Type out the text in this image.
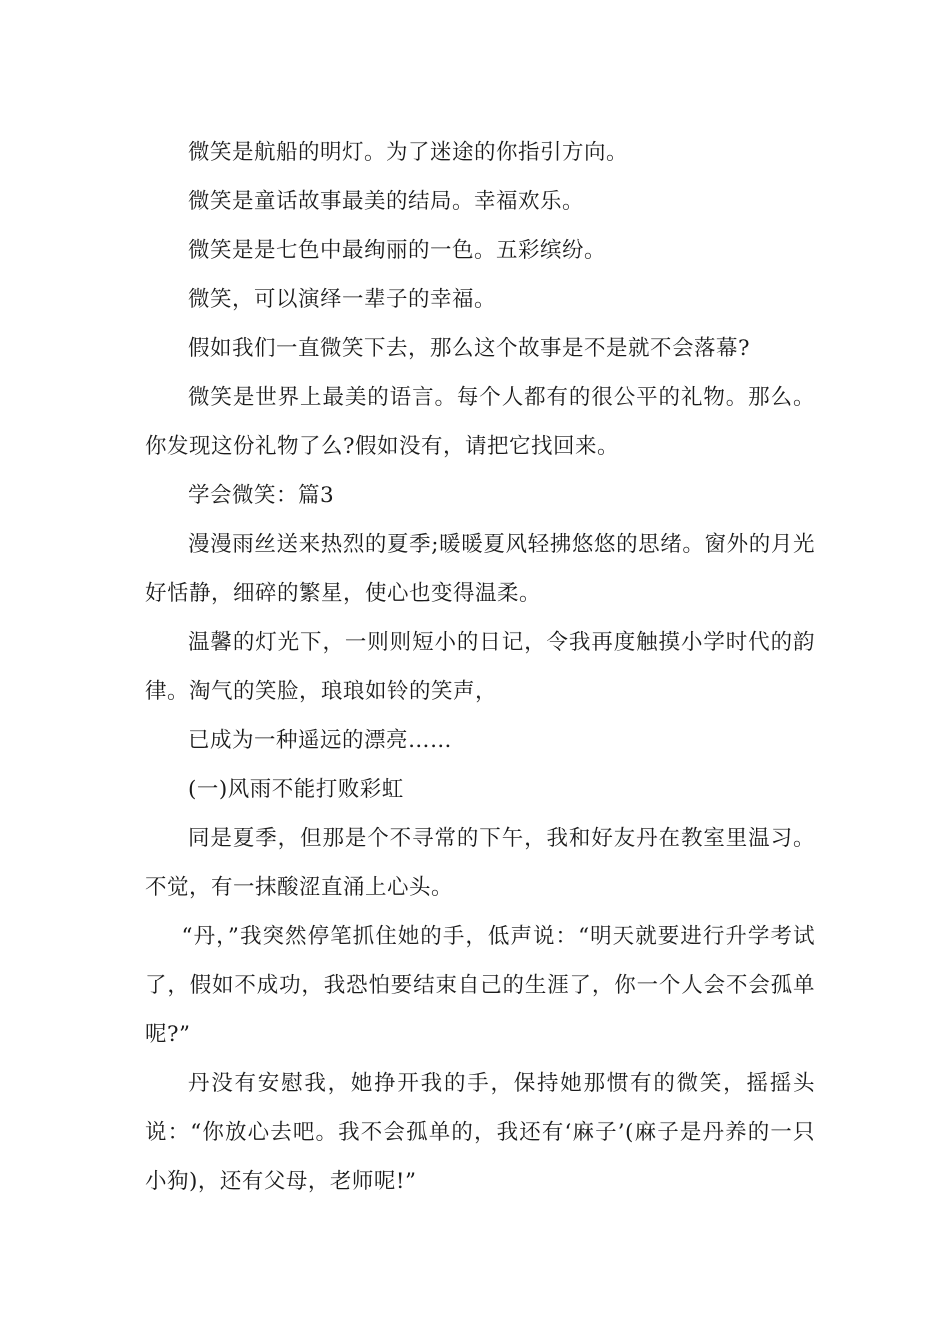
微笑是航船的明灯。为了迷途的你指引方向。

微笑是童话故事最美的结局。幸福欢乐。

微笑是是七色中最绚丽的一色。五彩缤纷。

微笑，可以演绎一辈子的幸福。

假如我们一直微笑下去，那么这个故事是不是就不会落幕?

微笑是世界上最美的语言。每个人都有的很公平的礼物。那么。你发现这份礼物了么?假如没有，请把它找回来。

学会微笑：篇3

漫漫雨丝送来热烈的夏季;暖暖夏风轻拂悠悠的思绪。窗外的月光好恬静，细碎的繁星，使心也变得温柔。

温馨的灯光下，一则则短小的日记，令我再度触摸小学时代的韵律。淘气的笑脸，琅琅如铃的笑声，

已成为一种遥远的漂亮……

(一)风雨不能打败彩虹

同是夏季，但那是个不寻常的下午，我和好友丹在教室里温习。不觉，有一抹酸涩直涌上心头。

“丹，”我突然停笔抓住她的手，低声说：“明天就要进行升学考试了，假如不成功，我恐怕要结束自己的生涯了，你一个人会不会孤单呢?”

丹没有安慰我，她挣开我的手，保持她那惯有的微笑，摇摇头说：“你放心去吧。我不会孤单的，我还有‘麻子’(麻子是丹养的一只小狗)，还有父母，老师呢!”
